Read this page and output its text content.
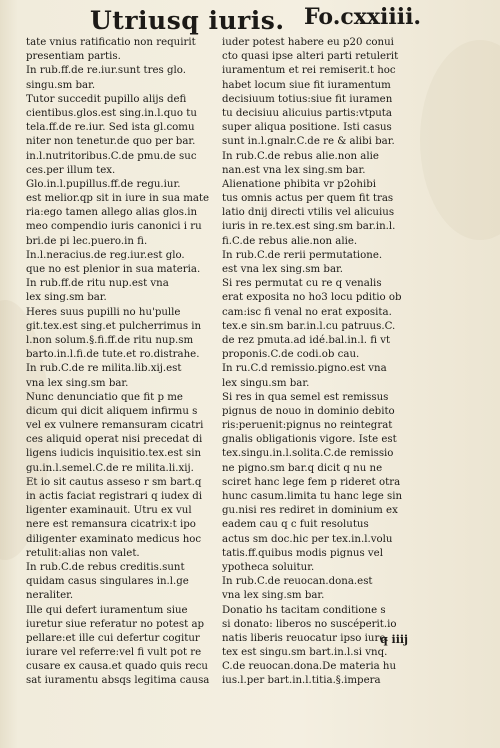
Utriusq iuris. Fo.cxxiiii.
tate vnius ratificatio non requirit
presentiam partis.
In rub.ff.de re.iur.sunt tres glo.
singu.sm bar.
Tutor succedit pupillo alijs defi
cientibus.glos.est sing.in.l.quo tu
tela.ff.de re.iur. Sed ista gl.comu
niter non tenetur.de quo per bar.
in.l.nutritoribus.C.de pmu.de suc
ces.per illum tex.
Glo.in.l.pupillus.ff.de regu.iur.
est melior.qp sit in iure in sua mate
ria:ego tamen allego alias glos.in
meo compendio iuris canonici i ru
bri.de pi lec.puero.in fi.
In.l.neracius.de reg.iur.est glo.
que no est plenior in sua materia.
In rub.ff.de ritu nup.est vna
lex sing.sm bar.
Heres suus pupilli no hu'pulle
git.tex.est sing.et pulcherrimus in
l.non solum.§.fi.ff.de ritu nup.sm
barto.in.l.fi.de tute.et ro.distrahe.
In rub.C.de re milita.lib.xij.est
vna lex sing.sm bar.
Nunc denunciatio que fit p me
dicum qui dicit aliquem infirmu s
vel ex vulnere remansuram cicatri
ces aliquid operat nisi precedat di
ligens iudicis inquisitio.tex.est sin
gu.in.l.semel.C.de re milita.li.xij.
Et io sit cautus asseso r sm bart.q
in actis faciat registrari q iudex di
ligenter examinauit. Utru ex vul
nere est remansura cicatrix:t ipo
diligenter examinato medicus hoc
retulit:alias non valet.
In rub.C.de rebus creditis.sunt
quidam casus singulares in.l.ge
neraliter.
Ille qui defert iuramentum siue
iuretur siue referatur no potest ap
pellare:et ille cui defertur cogitur
iurare vel referre:vel fi vult pot re
cusare ex causa.et quado quis recu
sat iuramentu absqs legitima causa
iuder potest habere eu p20 conui
cto quasi ipse alteri parti retulerit
iuramentum et rei remiserit.t hoc
habet locum siue fit iuramentum
decisiuum totius:siue fit iuramen
tu decisiuu alicuius partis:vtputa
super aliqua positione. Isti casus
sunt in.l.gnalr.C.de re & alibi bar.
In rub.C.de rebus alie.non alie
nan.est vna lex sing.sm bar.
Alienatione phibita vr p2ohibi
tus omnis actus per quem fit tras
latio dnij directi vtilis vel alicuius
iuris in re.tex.est sing.sm bar.in.l.
fi.C.de rebus alie.non alie.
In rub.C.de rerii permutatione.
est vna lex sing.sm bar.
Si res permutat cu re q venalis
erat exposita no ho3 locu pditio ob
cam:isc fi venal no erat exposita.
tex.e sin.sm bar.in.l.cu patruus.C.
de rez pmuta.ad idé.bal.in.l. fi vt
proponis.C.de codi.ob cau.
In ru.C.d remissio.pigno.est vna
lex singu.sm bar.
Si res in qua semel est remissus
pignus de nouo in dominio debito
ris:peruenit:pignus no reintegrat
gnalis obligationis vigore. Iste est
tex.singu.in.l.solita.C.de remissio
ne pigno.sm bar.q dicit q nu ne
sciret hanc lege fem p rideret otra
hunc casum.limita tu hanc lege sin
gu.nisi res rediret in dominium ex
eadem cau q c fuit resolutus
actus sm doc.hic per tex.in.l.volu
tatis.ff.quibus modis pignus vel
ypotheca soluitur.
In rub.C.de reuocan.dona.est
vna lex sing.sm bar.
Donatio hs tacitam conditione s
si donato: liberos no suscéperit.io
natis liberis reuocatur ipso iure.
tex est singu.sm bart.in.l.si vnq.
C.de reuocan.dona.De materia hu
ius.l.per bart.in.l.titia.§.impera
q iiij
